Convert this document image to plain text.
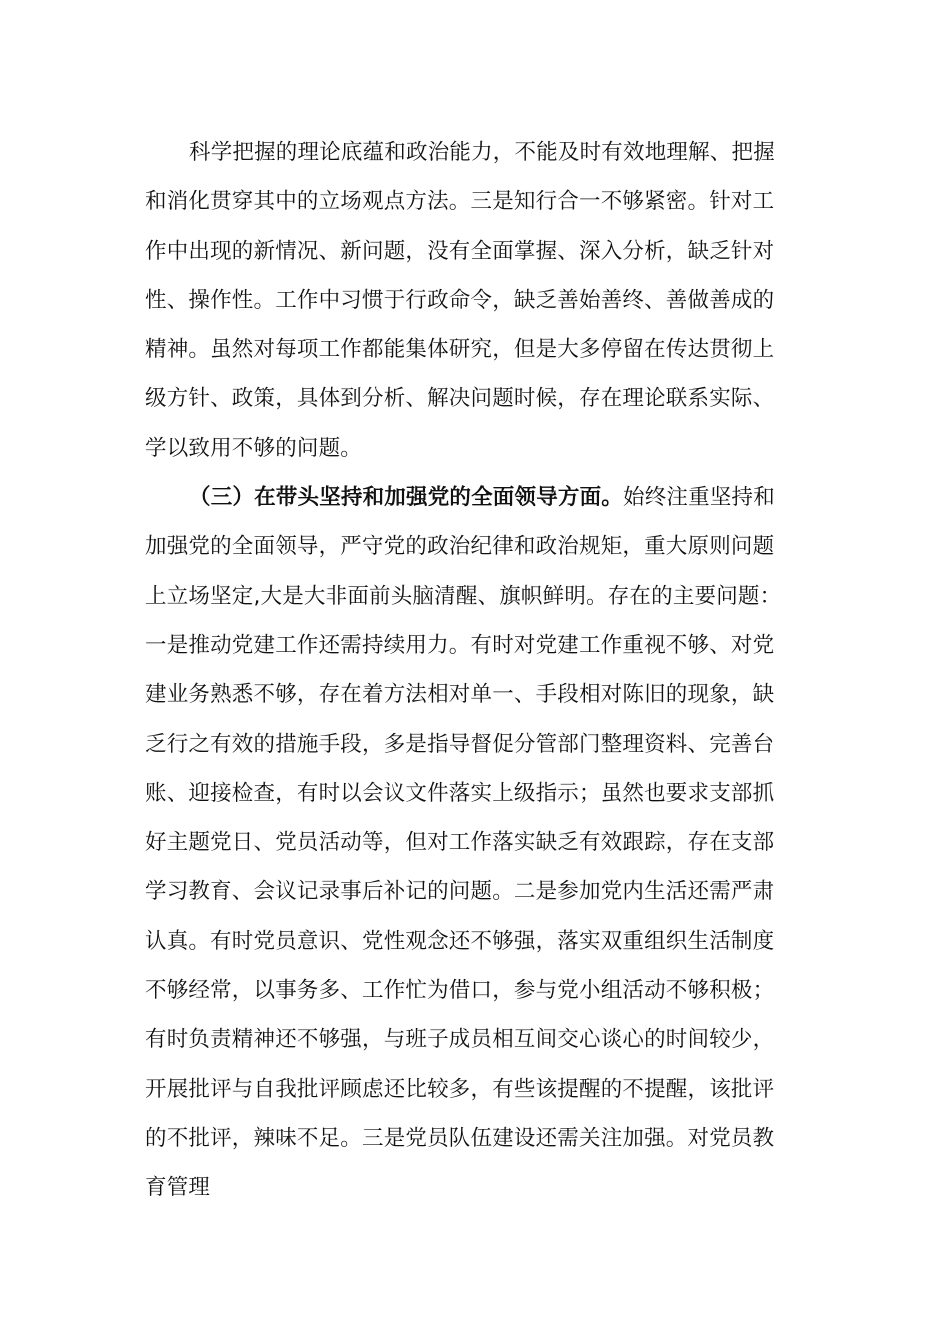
科学把握的理论底蕴和政治能力，不能及时有效地理解、把握
和消化贯穿其中的立场观点方法。三是知行合一不够紧密。针对工
作中出现的新情况、新问题，没有全面掌握、深入分析，缺乏针对
性、操作性。工作中习惯于行政命令，缺乏善始善终、善做善成的
精神。虽然对每项工作都能集体研究，但是大多停留在传达贯彻上
级方针、政策，具体到分析、解决问题时候，存在理论联系实际、
学以致用不够的问题。
（三）在带头坚持和加强党的全面领导方面。始终注重坚持和
加强党的全面领导，严守党的政治纪律和政治规矩，重大原则问题
上立场坚定,大是大非面前头脑清醒、旗帜鲜明。存在的主要问题：
一是推动党建工作还需持续用力。有时对党建工作重视不够、对党
建业务熟悉不够，存在着方法相对单一、手段相对陈旧的现象，缺
乏行之有效的措施手段，多是指导督促分管部门整理资料、完善台
账、迎接检查，有时以会议文件落实上级指示；虽然也要求支部抓
好主题党日、党员活动等，但对工作落实缺乏有效跟踪，存在支部
学习教育、会议记录事后补记的问题。二是参加党内生活还需严肃
认真。有时党员意识、党性观念还不够强，落实双重组织生活制度
不够经常，以事务多、工作忙为借口，参与党小组活动不够积极；
有时负责精神还不够强，与班子成员相互间交心谈心的时间较少，
开展批评与自我批评顾虑还比较多，有些该提醒的不提醒，该批评
的不批评，辣味不足。三是党员队伍建设还需关注加强。对党员教
育管理
